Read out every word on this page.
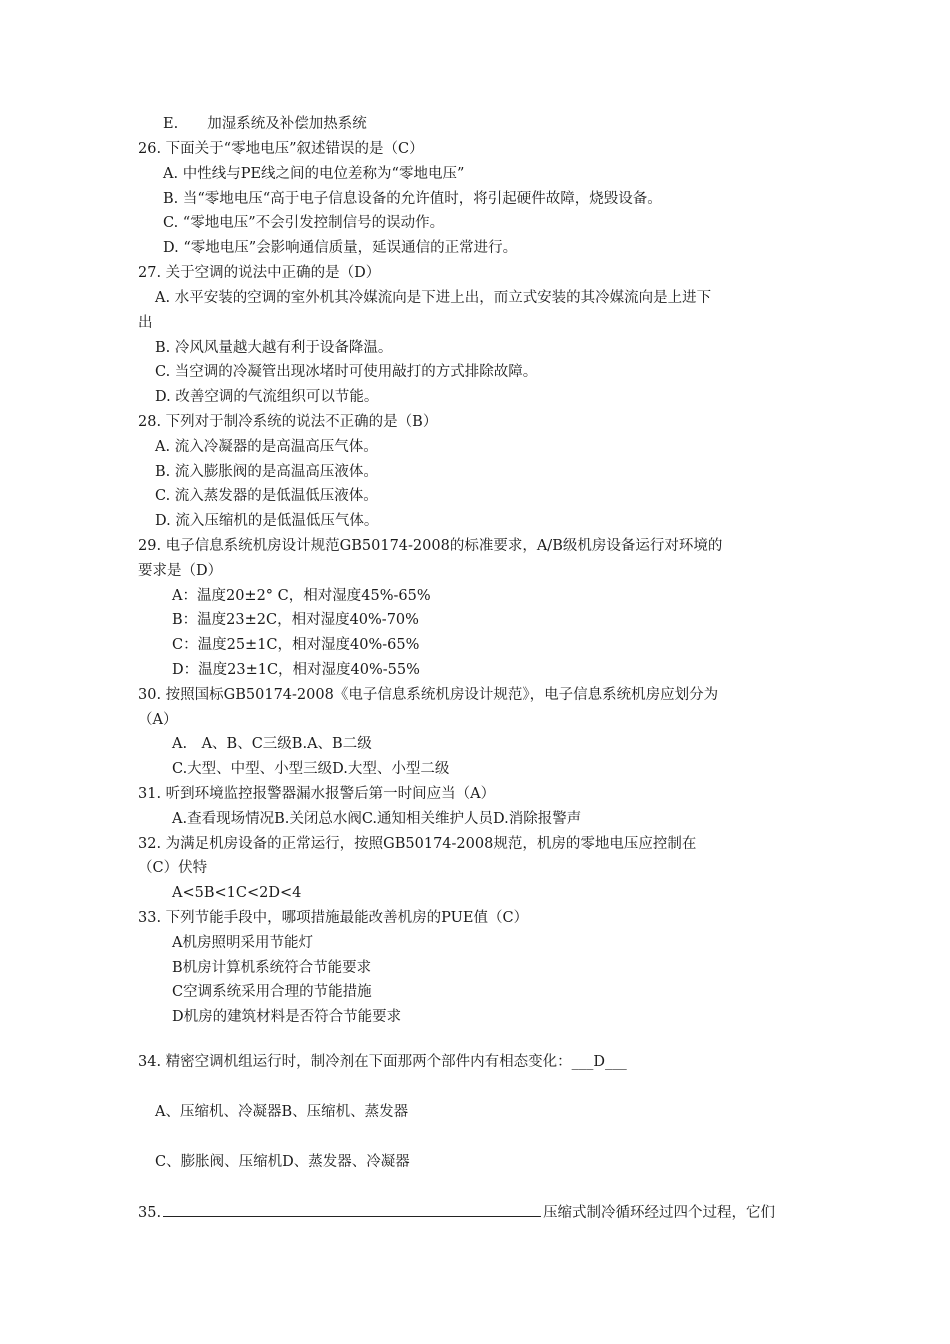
E.　　加湿系统及补偿加热系统
26. 下面关于“零地电压”叙述错误的是（C）
A. 中性线与PE线之间的电位差称为“零地电压”
B. 当“零地电压“高于电子信息设备的允许值时，将引起硬件故障，烧毁设备。
C. “零地电压”不会引发控制信号的误动作。
D. “零地电压”会影响通信质量，延误通信的正常进行。
27. 关于空调的说法中正确的是（D）
A. 水平安装的空调的室外机其冷媒流向是下进上出，而立式安装的其冷媒流向是上进下
出
B. 冷风风量越大越有利于设备降温。
C. 当空调的冷凝管出现冰堵时可使用敲打的方式排除故障。
D. 改善空调的气流组织可以节能。
28. 下列对于制冷系统的说法不正确的是（B）
A. 流入冷凝器的是高温高压气体。
B. 流入膨胀阀的是高温高压液体。
C. 流入蒸发器的是低温低压液体。
D. 流入压缩机的是低温低压气体。
29. 电子信息系统机房设计规范GB50174-2008的标准要求，A/B级机房设备运行对环境的
要求是（D）
A：温度20±2° C，相对湿度45%-65%
B：温度23±2C，相对湿度40%-70%
C：温度25±1C，相对湿度40%-65%
D：温度23±1C，相对湿度40%-55%
30. 按照国标GB50174-2008《电子信息系统机房设计规范》，电子信息系统机房应划分为
（A）
A.　A、B、C三级B.A、B二级
C.大型、中型、小型三级D.大型、小型二级
31. 听到环境监控报警器漏水报警后第一时间应当（A）
A.查看现场情况B.关闭总水阀C.通知相关维护人员D.消除报警声
32. 为满足机房设备的正常运行，按照GB50174-2008规范，机房的零地电压应控制在
（C）伏特
A<5B<1C<2D<4
33. 下列节能手段中，哪项措施最能改善机房的PUE值（C）
A机房照明采用节能灯
B机房计算机系统符合节能要求
C空调系统采用合理的节能措施
D机房的建筑材料是否符合节能要求
34. 精密空调机组运行时，制冷剂在下面那两个部件内有相态变化：___D___
A、压缩机、冷凝器B、压缩机、蒸发器
C、膨胀阀、压缩机D、蒸发器、冷凝器
35.	压缩式制冷循环经过四个过程，它们
